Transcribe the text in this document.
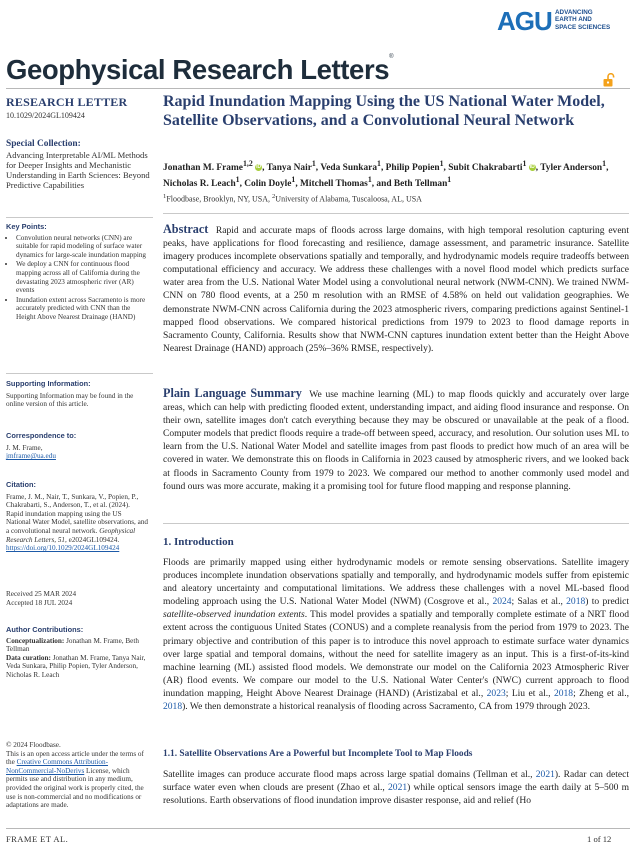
AGU ADVANCING
EARTH AND
SPACE SCIENCES
Geophysical Research Letters®
RESEARCH LETTER
10.1029/2024GL109424
Special Collection:
Advancing Interpretable AI/ML Methods for Deeper Insights and Mechanistic Understanding in Earth Sciences: Beyond Predictive Capabilities
Key Points:
• Convolution neural networks (CNN) are suitable for rapid modeling of surface water dynamics for large-scale inundation mapping
• We deploy a CNN for continuous flood mapping across all of California during the devastating 2023 atmospheric river (AR) events
• Inundation extent across Sacramento is more accurately predicted with CNN than the Height Above Nearest Drainage (HAND)
Supporting Information:
Supporting Information may be found in the online version of this article.
Correspondence to:
J. M. Frame,
jmframe@ua.edu
Citation:
Frame, J. M., Nair, T., Sunkara, V., Popien, P., Chakrabarti, S., Anderson, T., et al. (2024). Rapid inundation mapping using the US National Water Model, satellite observations, and a convolutional neural network. Geophysical Research Letters, 51, e2024GL109424. https://doi.org/10.1029/2024GL109424
Received 25 MAR 2024
Accepted 18 JUL 2024
Author Contributions:
Conceptualization: Jonathan M. Frame, Beth Tellman
Data curation: Jonathan M. Frame, Tanya Nair, Veda Sunkara, Philip Popien, Tyler Anderson, Nicholas R. Leach
© 2024 Floodbase.
This is an open access article under the terms of the Creative Commons Attribution-NonCommercial-NoDerivs License, which permits use and distribution in any medium, provided the original work is properly cited, the use is non-commercial and no modifications or adaptations are made.
Rapid Inundation Mapping Using the US National Water Model, Satellite Observations, and a Convolutional Neural Network
Jonathan M. Frame$^{1,2}$ iD, Tanya Nair$^1$, Veda Sunkara$^1$, Philip Popien$^1$, Subit Chakrabarti$^1$ iD, Tyler Anderson$^1$, Nicholas R. Leach$^1$, Colin Doyle$^1$, Mitchell Thomas$^1$, and Beth Tellman$^1$
$^1$Floodbase, Brooklyn, NY, USA, $^2$University of Alabama, Tuscaloosa, AL, USA
Abstract Rapid and accurate maps of floods across large domains, with high temporal resolution capturing event peaks, have applications for flood forecasting and resilience, damage assessment, and parametric insurance. Satellite imagery produces incomplete observations spatially and temporally, and hydrodynamic models require tradeoffs between computational efficiency and accuracy. We address these challenges with a novel flood model which predicts surface water area from the U.S. National Water Model using a convolutional neural network (NWM-CNN). We trained NWM-CNN on 780 flood events, at a 250 m resolution with an RMSE of 4.58% on held out validation geographies. We demonstrate NWM-CNN across California during the 2023 atmospheric rivers, comparing predictions against Sentinel-1 mapped flood observations. We compared historical predictions from 1979 to 2023 to flood damage reports in Sacramento County, California. Results show that NWM-CNN captures inundation extent better than the Height Above Nearest Drainage (HAND) approach (25%–36% RMSE, respectively).
Plain Language Summary We use machine learning (ML) to map floods quickly and accurately over large areas, which can help with predicting flooded extent, understanding impact, and aiding flood insurance and response. On their own, satellite images don't catch everything because they may be obscured or unavailable at the peak of a flood. Computer models that predict floods require a trade-off between speed, accuracy, and resolution. Our solution uses ML to learn from the U.S. National Water Model and satellite images from past floods to predict how much of an area will be covered in water. We demonstrate this on floods in California in 2023 caused by atmospheric rivers, and we looked back at floods in Sacramento County from 1979 to 2023. We compared our method to another commonly used model and found ours was more accurate, making it a promising tool for future flood mapping and response planning.
1. Introduction
Floods are primarily mapped using either hydrodynamic models or remote sensing observations. Satellite imagery produces incomplete inundation observations spatially and temporally, and hydrodynamic models suffer from epistemic and aleatory uncertainty and computational limitations. We address these challenges with a novel ML-based flood modeling approach using the U.S. National Water Model (NWM) (Cosgrove et al., 2024; Salas et al., 2018) to predict satellite-observed inundation extents. This model provides a spatially and temporally complete estimate of a NRT flood extent across the contiguous United States (CONUS) and a complete reanalysis from the period from 1979 to 2023. The primary objective and contribution of this paper is to introduce this novel approach to estimate surface water dynamics over large spatial and temporal domains, without the need for satellite imagery as an input. This is a first-of-its-kind machine learning (ML) assisted flood models. We demonstrate our model on the California 2023 Atmospheric River (AR) flood events. We compare our model to the U.S. National Water Center's (NWC) current approach to flood inundation mapping, Height Above Nearest Drainage (HAND) (Aristizabal et al., 2023; Liu et al., 2018; Zheng et al., 2018). We then demonstrate a historical reanalysis of flooding across Sacramento, CA from 1979 through 2023.
1.1. Satellite Observations Are a Powerful but Incomplete Tool to Map Floods
Satellite images can produce accurate flood maps across large spatial domains (Tellman et al., 2021). Radar can detect surface water even when clouds are present (Zhao et al., 2021) while optical sensors image the earth daily at 5–500 m resolutions. Earth observations of flood inundation improve disaster response, aid and relief (Ho
FRAME ET AL.	1 of 12
